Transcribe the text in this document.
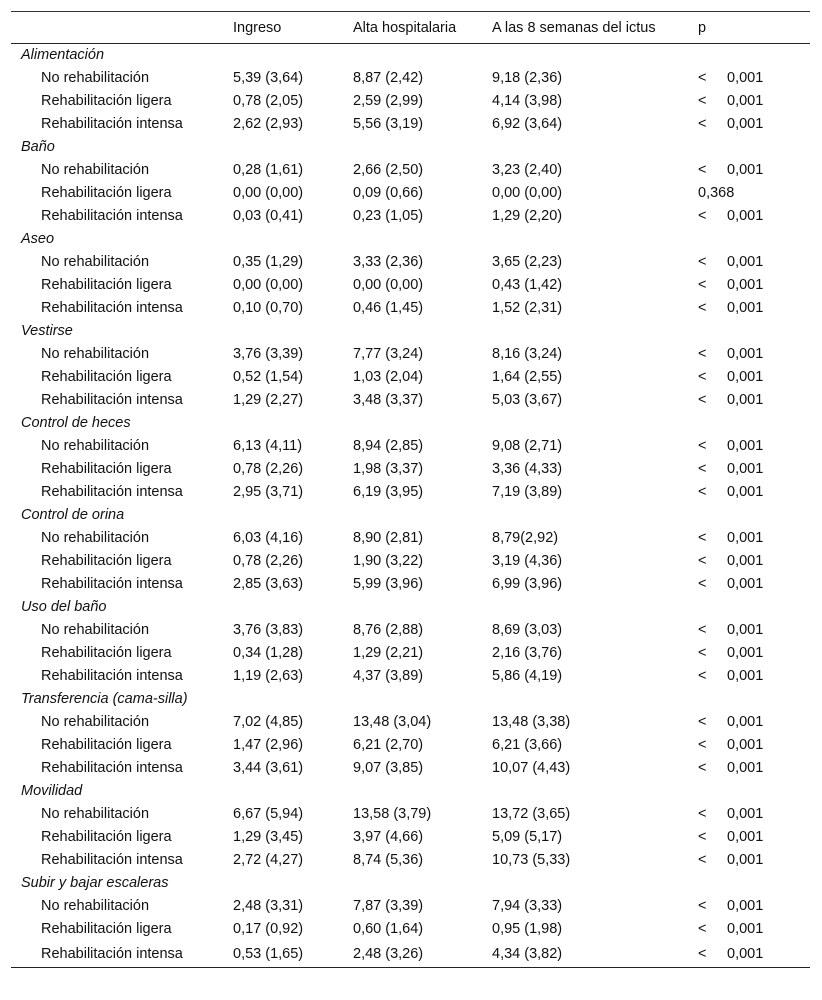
	Ingreso	Alta hospitalaria	A las 8 semanas del ictus	p
Alimentación				
No rehabilitación	5,39 (3,64)	8,87 (2,42)	9,18 (2,36)	< 0,001
Rehabilitación ligera	0,78 (2,05)	2,59 (2,99)	4,14 (3,98)	< 0,001
Rehabilitación intensa	2,62 (2,93)	5,56 (3,19)	6,92 (3,64)	< 0,001
Baño				
No rehabilitación	0,28 (1,61)	2,66 (2,50)	3,23 (2,40)	< 0,001
Rehabilitación ligera	0,00 (0,00)	0,09 (0,66)	0,00 (0,00)	0,368
Rehabilitación intensa	0,03 (0,41)	0,23 (1,05)	1,29 (2,20)	< 0,001
Aseo				
No rehabilitación	0,35 (1,29)	3,33 (2,36)	3,65 (2,23)	< 0,001
Rehabilitación ligera	0,00 (0,00)	0,00 (0,00)	0,43 (1,42)	< 0,001
Rehabilitación intensa	0,10 (0,70)	0,46 (1,45)	1,52 (2,31)	< 0,001
Vestirse				
No rehabilitación	3,76 (3,39)	7,77 (3,24)	8,16 (3,24)	< 0,001
Rehabilitación ligera	0,52 (1,54)	1,03 (2,04)	1,64 (2,55)	< 0,001
Rehabilitación intensa	1,29 (2,27)	3,48 (3,37)	5,03 (3,67)	< 0,001
Control de heces				
No rehabilitación	6,13 (4,11)	8,94 (2,85)	9,08 (2,71)	< 0,001
Rehabilitación ligera	0,78 (2,26)	1,98 (3,37)	3,36 (4,33)	< 0,001
Rehabilitación intensa	2,95 (3,71)	6,19 (3,95)	7,19 (3,89)	< 0,001
Control de orina				
No rehabilitación	6,03 (4,16)	8,90 (2,81)	8,79(2,92)	< 0,001
Rehabilitación ligera	0,78 (2,26)	1,90 (3,22)	3,19 (4,36)	< 0,001
Rehabilitación intensa	2,85 (3,63)	5,99 (3,96)	6,99 (3,96)	< 0,001
Uso del baño				
No rehabilitación	3,76 (3,83)	8,76 (2,88)	8,69 (3,03)	< 0,001
Rehabilitación ligera	0,34 (1,28)	1,29 (2,21)	2,16 (3,76)	< 0,001
Rehabilitación intensa	1,19 (2,63)	4,37 (3,89)	5,86 (4,19)	< 0,001
Transferencia (cama-silla)				
No rehabilitación	7,02 (4,85)	13,48 (3,04)	13,48 (3,38)	< 0,001
Rehabilitación ligera	1,47 (2,96)	6,21 (2,70)	6,21 (3,66)	< 0,001
Rehabilitación intensa	3,44 (3,61)	9,07 (3,85)	10,07 (4,43)	< 0,001
Movilidad				
No rehabilitación	6,67 (5,94)	13,58 (3,79)	13,72 (3,65)	< 0,001
Rehabilitación ligera	1,29 (3,45)	3,97 (4,66)	5,09 (5,17)	< 0,001
Rehabilitación intensa	2,72 (4,27)	8,74 (5,36)	10,73 (5,33)	< 0,001
Subir y bajar escaleras				
No rehabilitación	2,48 (3,31)	7,87 (3,39)	7,94 (3,33)	< 0,001
Rehabilitación ligera	0,17 (0,92)	0,60 (1,64)	0,95 (1,98)	< 0,001
Rehabilitación intensa	0,53 (1,65)	2,48 (3,26)	4,34 (3,82)	< 0,001
